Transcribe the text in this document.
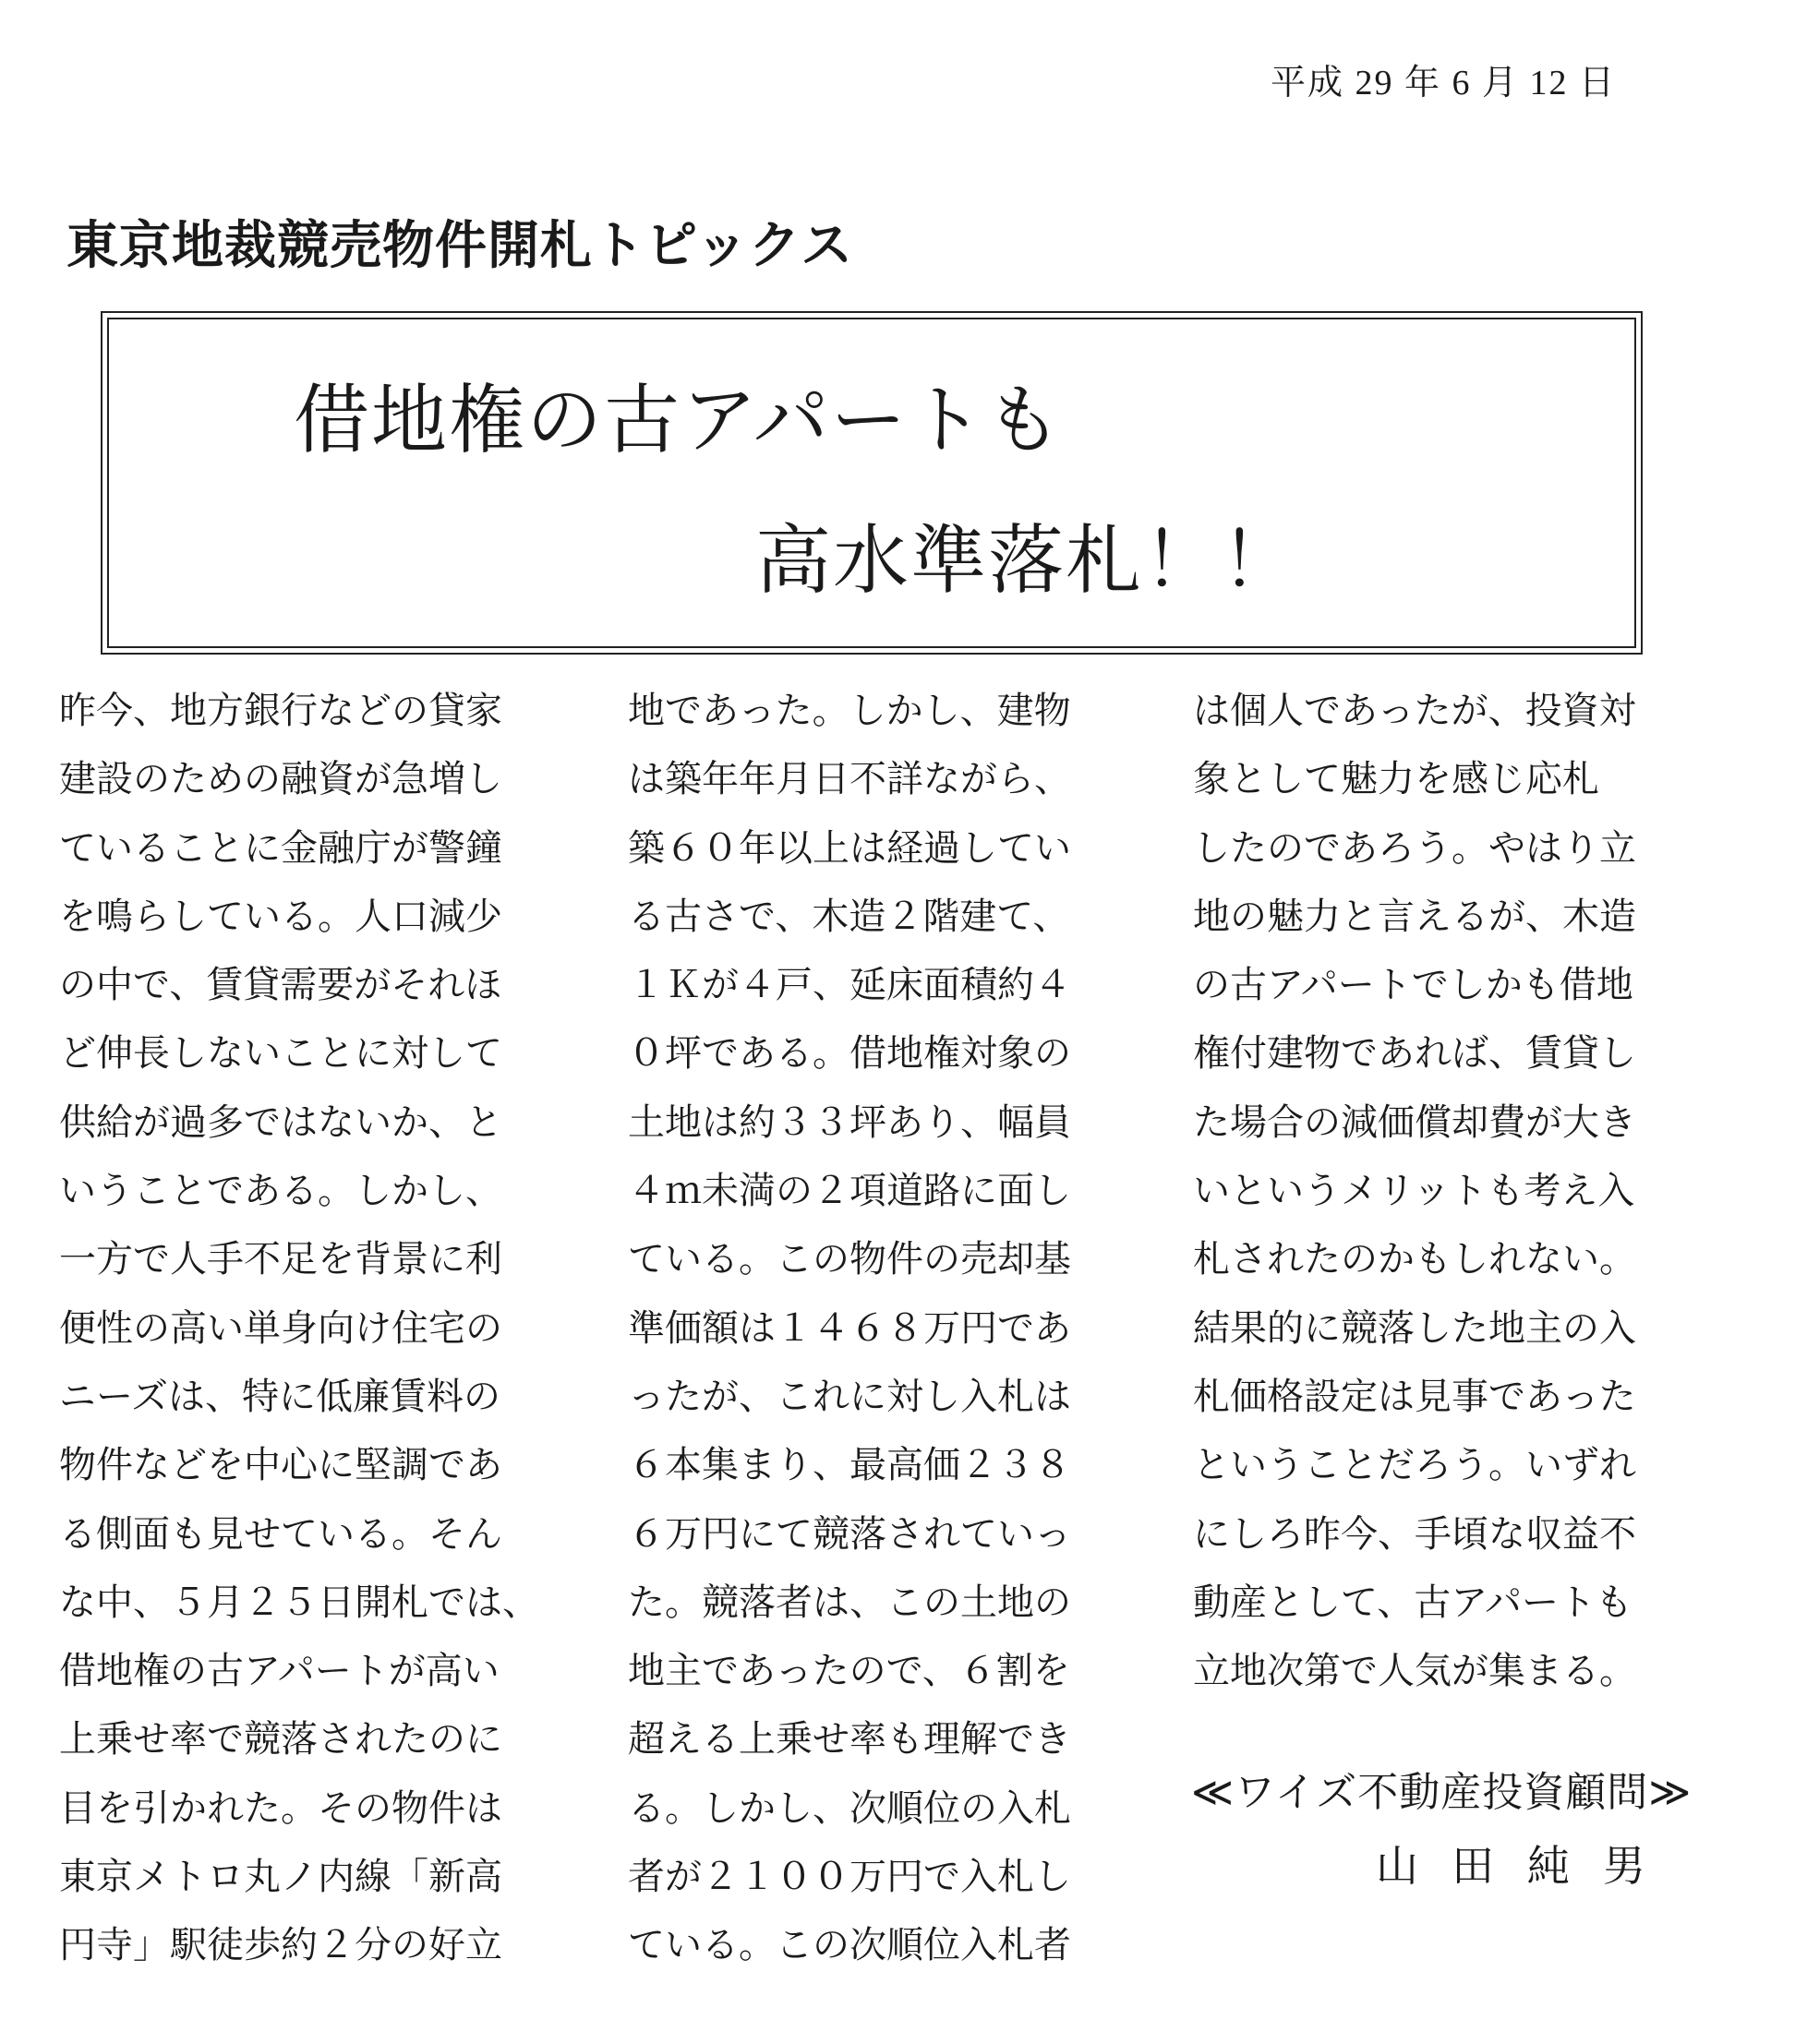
平成 29 年 6 月 12 日
東京地裁競売物件開札トピックス
借地権の古アパートも
高水準落札！！
昨今、地方銀行などの貸家
建設のための融資が急増し
ていることに金融庁が警鐘
を鳴らしている。人口減少
の中で、賃貸需要がそれほ
ど伸長しないことに対して
供給が過多ではないか、と
いうことである。しかし、
一方で人手不足を背景に利
便性の高い単身向け住宅の
ニーズは、特に低廉賃料の
物件などを中心に堅調であ
る側面も見せている。そん
な中、５月２５日開札では、
借地権の古アパートが高い
上乗せ率で競落されたのに
目を引かれた。その物件は
東京メトロ丸ノ内線「新高
円寺」駅徒歩約２分の好立
地であった。しかし、建物
は築年年月日不詳ながら、
築６０年以上は経過してい
る古さで、木造２階建て、
１Ｋが４戸、延床面積約４
０坪である。借地権対象の
土地は約３３坪あり、幅員
４ｍ未満の２項道路に面し
ている。この物件の売却基
準価額は１４６８万円であ
ったが、これに対し入札は
６本集まり、最高価２３８
６万円にて競落されていっ
た。競落者は、この土地の
地主であったので、６割を
超える上乗せ率も理解でき
る。しかし、次順位の入札
者が２１００万円で入札し
ている。この次順位入札者
は個人であったが、投資対
象として魅力を感じ応札
したのであろう。やはり立
地の魅力と言えるが、木造
の古アパートでしかも借地
権付建物であれば、賃貸し
た場合の減価償却費が大き
いというメリットも考え入
札されたのかもしれない。
結果的に競落した地主の入
札価格設定は見事であった
ということだろう。いずれ
にしろ昨今、手頃な収益不
動産として、古アパートも
立地次第で人気が集まる。
≪ワイズ不動産投資顧問≫
山田純男
